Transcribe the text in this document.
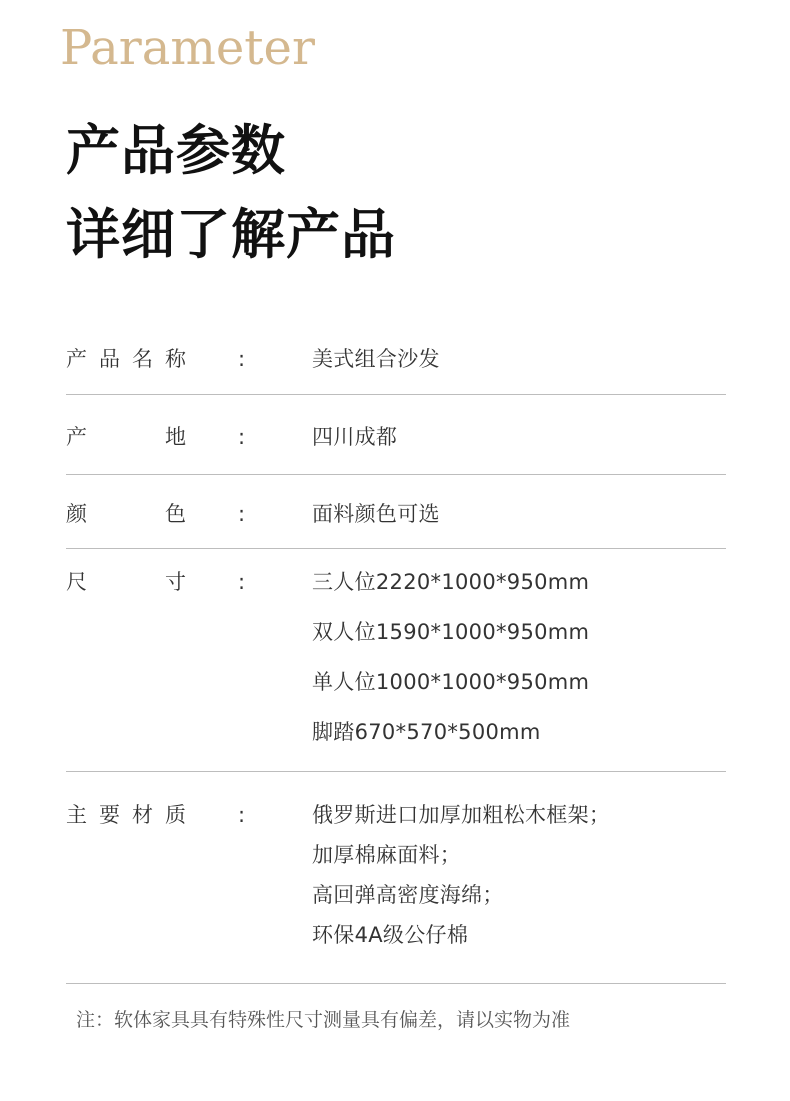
Parameter
产品参数
详细了解产品
产 品 名 称 :	美式组合沙发
产	地 :	四川成都
颜	色 :	面料颜色可选
尺	寸 :	三人位2220*1000*950mm
双人位1590*1000*950mm
单人位1000*1000*950mm
脚踏670*570*500mm
主 要 材 质 :	俄罗斯进口加厚加粗松木框架；
加厚棉麻面料；
高回弹高密度海绵；
环保4A级公仔棉
注：软体家具具有特殊性尺寸测量具有偏差，请以实物为准
